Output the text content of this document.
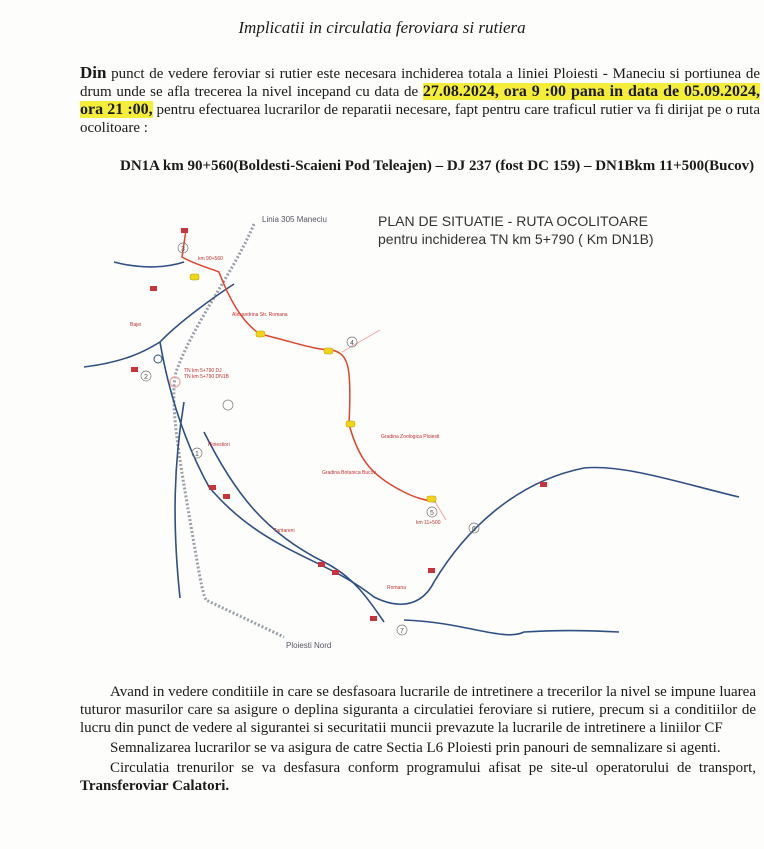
Implicatii in circulatia feroviara si rutiera
Din punct de vedere feroviar si rutier este necesara inchiderea totala a liniei Ploiesti - Maneciu si portiunea de drum unde se afla trecerea la nivel incepand cu data de 27.08.2024, ora 9 :00 pana in data de 05.09.2024, ora 21 :00, pentru efectuarea lucrarilor de reparatii necesare, fapt pentru care traficul rutier va fi dirijat pe o ruta ocolitoare :
DN1A km 90+560(Boldesti-Scaieni Pod Teleajen) – DJ 237 (fost DC 159) – DN1Bkm 11+500(Bucov)
PLAN DE SITUATIE - RUTA OCOLITOARE
pentru inchiderea TN km 5+790 ( Km DN1B)
Linia 305 Maneciu
Ploiesti Nord
km 90+560
Bajei
Alexandrina Str. Romana
Gradina Zoologica Ploiesti
Gradina Botanica Bucov
TN km 5+790 DJ
TN km 5+790 DN1B
Ploiestiori
Tantareni
Romana
km 11+500
1
2
3
4
5
6
7

Avand in vedere conditiile in care se desfasoara lucrarile de intretinere a trecerilor la nivel se impune luarea tuturor masurilor care sa asigure o deplina siguranta a circulatiei feroviare si rutiere, precum si a conditiilor de lucru din punct de vedere al sigurantei si securitatii muncii prevazute la lucrarile de intretinere a liniilor CF

Semnalizarea lucrarilor se va asigura de catre Sectia L6 Ploiesti prin panouri de semnalizare si agenti.

Circulatia trenurilor se va desfasura conform programului afisat pe site-ul operatorului de transport, Transferoviar Calatori.
